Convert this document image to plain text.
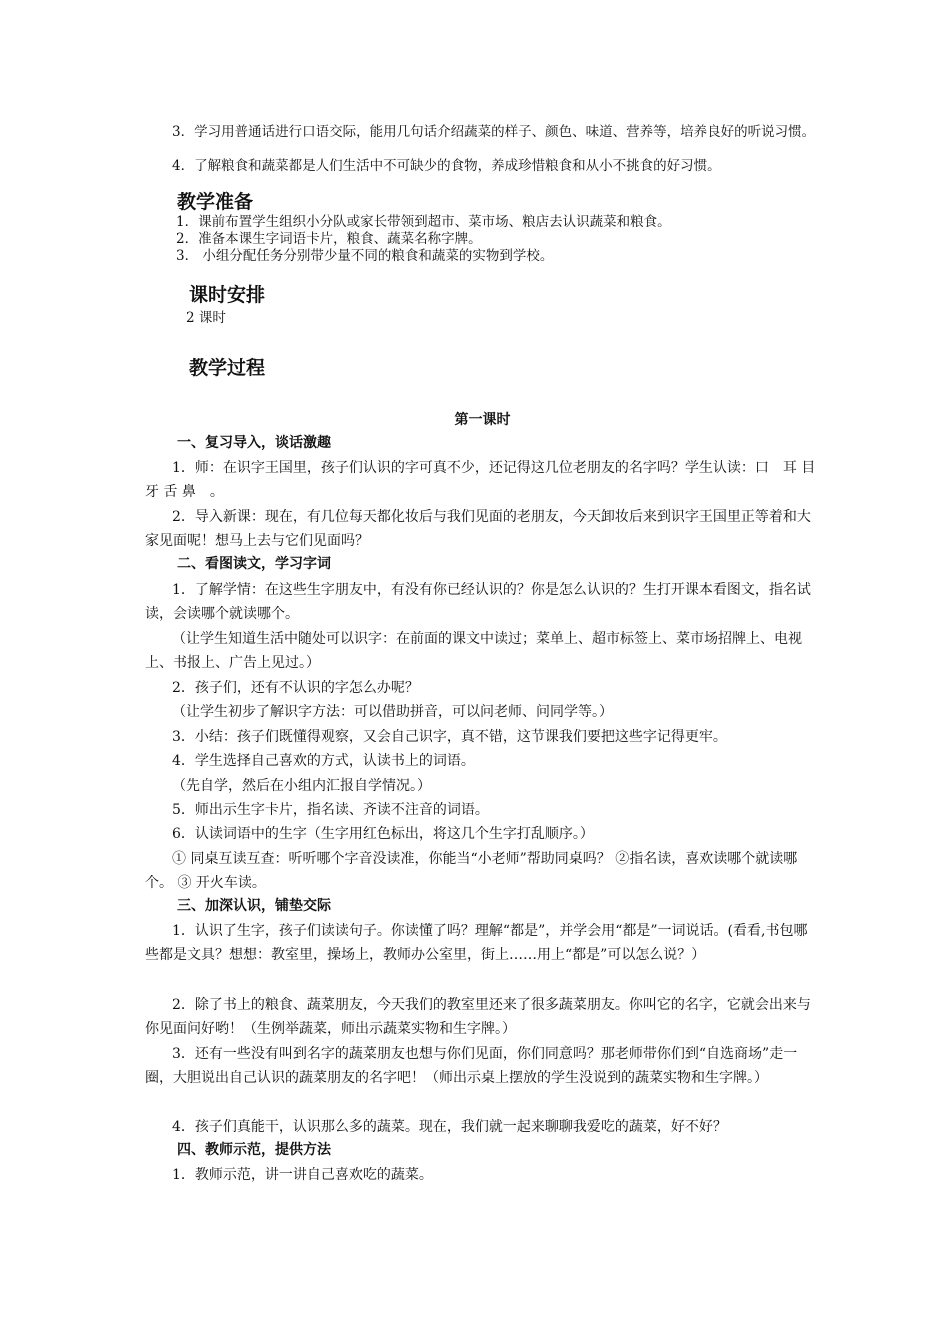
3．学习用普通话进行口语交际，能用几句话介绍蔬菜的样子、颜色、味道、营养等，培养良好的听说习惯。

4．了解粮食和蔬菜都是人们生活中不可缺少的食物，养成珍惜粮食和从小不挑食的好习惯。

教学准备

1．课前布置学生组织小分队或家长带领到超市、菜市场、粮店去认识蔬菜和粮食。

2．准备本课生字词语卡片，粮食、蔬菜名称字牌。

3． 小组分配任务分别带少量不同的粮食和蔬菜的实物到学校。

课时安排

2 课时

教学过程

第一课时

一、复习导入，谈话激趣

1．师：在识字王国里，孩子们认识的字可真不少，还记得这几位老朋友的名字吗？学生认读：口　耳 目 牙 舌 鼻　。

2．导入新课：现在，有几位每天都化妆后与我们见面的老朋友，今天卸妆后来到识字王国里正等着和大家见面呢！想马上去与它们见面吗？

二、看图读文，学习字词

1．了解学情：在这些生字朋友中，有没有你已经认识的？你是怎么认识的？生打开课本看图文，指名试读，会读哪个就读哪个。

（让学生知道生活中随处可以识字：在前面的课文中读过；菜单上、超市标签上、菜市场招牌上、电视上、书报上、广告上见过。）

2．孩子们，还有不认识的字怎么办呢？

（让学生初步了解识字方法：可以借助拼音，可以问老师、问同学等。）

3．小结：孩子们既懂得观察，又会自己识字，真不错，这节课我们要把这些字记得更牢。

4．学生选择自己喜欢的方式，认读书上的词语。

（先自学，然后在小组内汇报自学情况。）

5．师出示生字卡片，指名读、齐读不注音的词语。

6．认读词语中的生字（生字用红色标出，将这几个生字打乱顺序。）

① 同桌互读互查：听听哪个字音没读准，你能当“小老师”帮助同桌吗？ ②指名读，喜欢读哪个就读哪个。 ③ 开火车读。

三、加深认识，铺垫交际

1．认识了生字，孩子们读读句子。你读懂了吗？理解“都是”，并学会用“都是”一词说话。(看看,书包哪些都是文具？想想：教室里，操场上，教师办公室里，街上……用上“都是”可以怎么说？）

2．除了书上的粮食、蔬菜朋友，今天我们的教室里还来了很多蔬菜朋友。你叫它的名字，它就会出来与你见面问好哟！（生例举蔬菜，师出示蔬菜实物和生字牌。）

3．还有一些没有叫到名字的蔬菜朋友也想与你们见面，你们同意吗？那老师带你们到“自选商场”走一圈，大胆说出自己认识的蔬菜朋友的名字吧！（师出示桌上摆放的学生没说到的蔬菜实物和生字牌。）

4．孩子们真能干，认识那么多的蔬菜。现在，我们就一起来聊聊我爱吃的蔬菜，好不好？

四、教师示范，提供方法

1．教师示范，讲一讲自己喜欢吃的蔬菜。
